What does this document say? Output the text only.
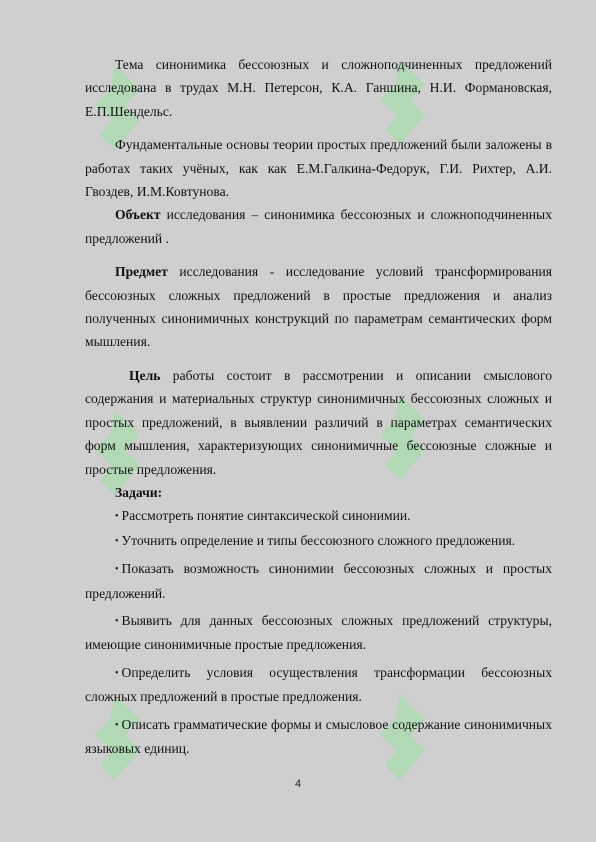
Тема синонимика бессоюзных и сложноподчиненных предложений исследована в трудах М.Н. Петерсон, К.А. Ганшина, Н.И. Формановская, Е.П.Шендельс.

Фундаментальные основы теории простых предложений были заложены в работах таких учёных, как как Е.М.Галкина-Федорук, Г.И. Рихтер, А.И. Гвоздев, И.М.Ковтунова.

Объект исследования – синонимика бессоюзных и сложноподчиненных предложений .

Предмет исследования - исследование условий трансформирования бессоюзных сложных предложений в простые предложения и анализ полученных синонимичных конструкций по параметрам семантических форм мышления.

Цель работы состоит в рассмотрении и описании смыслового содержания и материальных структур синонимичных бессоюзных сложных и простых предложений, в выявлении различий в параметрах семантических форм мышления, характеризующих синонимичные бессоюзные сложные и простые предложения.

Задачи:

• Рассмотреть понятие синтаксической синонимии.

• Уточнить определение и типы бессоюзного сложного предложения.

• Показать возможность синонимии бессоюзных сложных и простых предложений.

• Выявить для данных бессоюзных сложных предложений структуры, имеющие синонимичные простые предложения.

• Определить условия осуществления трансформации бессоюзных сложных предложений в простые предложения.

• Описать грамматические формы и смысловое содержание синонимичных языковых единиц.

4
